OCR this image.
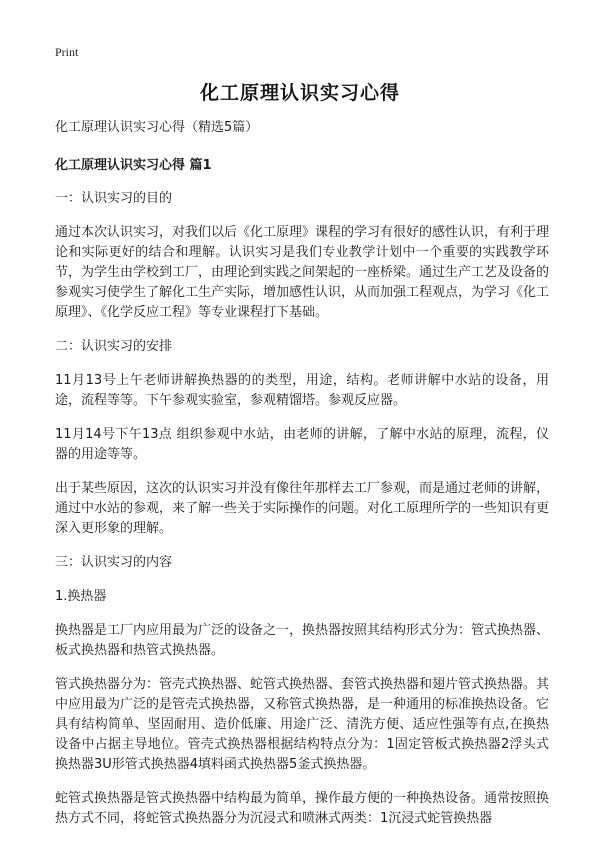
Print
化工原理认识实习心得
化工原理认识实习心得（精选5篇）
化工原理认识实习心得 篇1
一：认识实习的目的
通过本次认识实习，对我们以后《化工原理》课程的学习有很好的感性认识，有利于理论和实际更好的结合和理解。认识实习是我们专业教学计划中一个重要的实践教学环节，为学生由学校到工厂，由理论到实践之间架起的一座桥梁。通过生产工艺及设备的参观实习使学生了解化工生产实际，增加感性认识，从而加强工程观点，为学习《化工原理》、《化学反应工程》等专业课程打下基础。
二：认识实习的安排
11月13号上午老师讲解换热器的的类型，用途，结构。老师讲解中水站的设备，用途，流程等等。下午参观实验室，参观精馏塔。参观反应器。
11月14号下午13点 组织参观中水站，由老师的讲解，了解中水站的原理，流程，仪器的用途等等。
出于某些原因，这次的认识实习并没有像往年那样去工厂参观，而是通过老师的讲解，通过中水站的参观，来了解一些关于实际操作的问题。对化工原理所学的一些知识有更深入更形象的理解。
三：认识实习的内容
1.换热器
换热器是工厂内应用最为广泛的设备之一，换热器按照其结构形式分为：管式换热器、板式换热器和热管式换热器。
管式换热器分为：管壳式换热器、蛇管式换热器、套管式换热器和翅片管式换热器。其中应用最为广泛的是管壳式换热器，又称管式换热器，是一种通用的标准换热设备。它具有结构简单、坚固耐用、造价低廉、用途广泛、清洗方便、适应性强等有点,在换热设备中占据主导地位。管壳式换热器根据结构特点分为：1固定管板式换热器2浮头式换热器3U形管式换热器4填料函式换热器5釜式换热器。
蛇管式换热器是管式换热器中结构最为简单，操作最方便的一种换热设备。通常按照换热方式不同，将蛇管式换热器分为沉浸式和喷淋式两类：1沉浸式蛇管换热器
